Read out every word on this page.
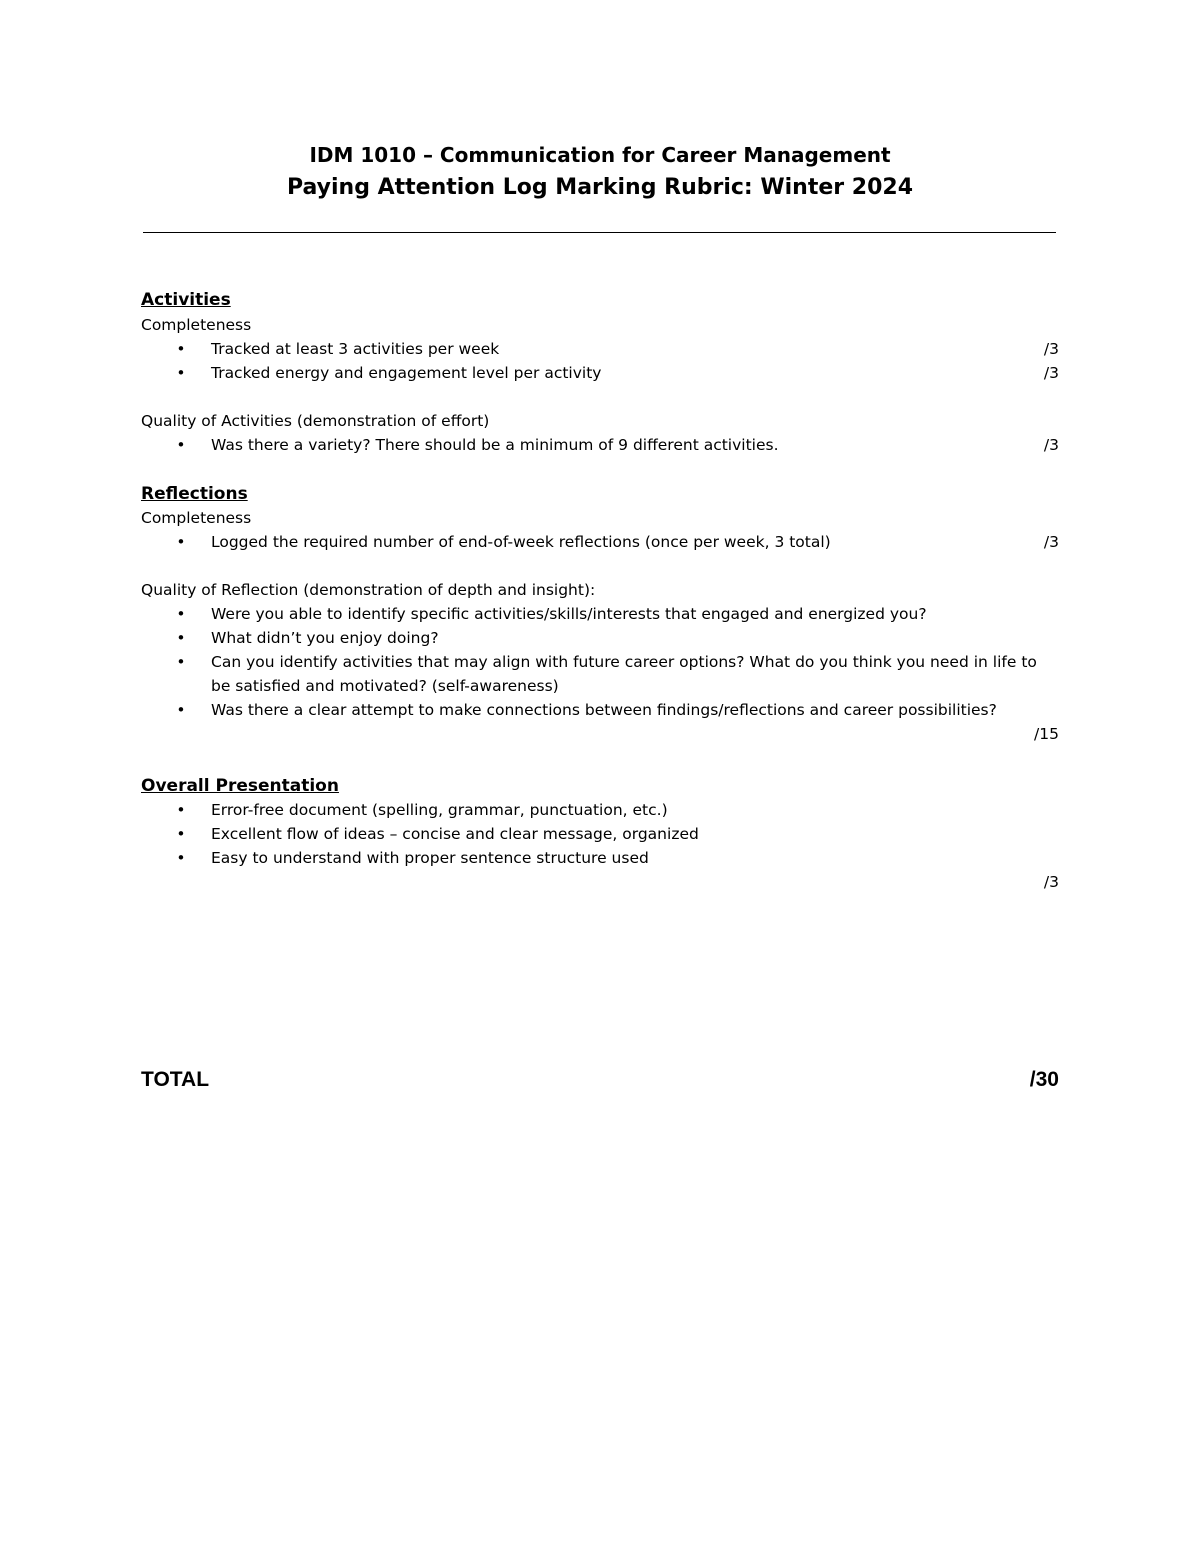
IDM 1010 – Communication for Career Management
Paying Attention Log Marking Rubric: Winter 2024
Activities
Completeness
•	Tracked at least 3 activities per week	/3
•	Tracked energy and engagement level per activity	/3
Quality of Activities (demonstration of effort)
•	Was there a variety? There should be a minimum of 9 different activities.	/3
Reflections
Completeness
•	Logged the required number of end-of-week reflections (once per week, 3 total)	/3
Quality of Reflection (demonstration of depth and insight):
•	Were you able to identify specific activities/skills/interests that engaged and energized you?
•	What didn’t you enjoy doing?
•	Can you identify activities that may align with future career options? What do you think you need in life to
be satisfied and motivated? (self-awareness)
•	Was there a clear attempt to make connections between findings/reflections and career possibilities?
/15
Overall Presentation
•	Error-free document (spelling, grammar, punctuation, etc.)
•	Excellent flow of ideas – concise and clear message, organized
•	Easy to understand with proper sentence structure used
/3
TOTAL	/30
